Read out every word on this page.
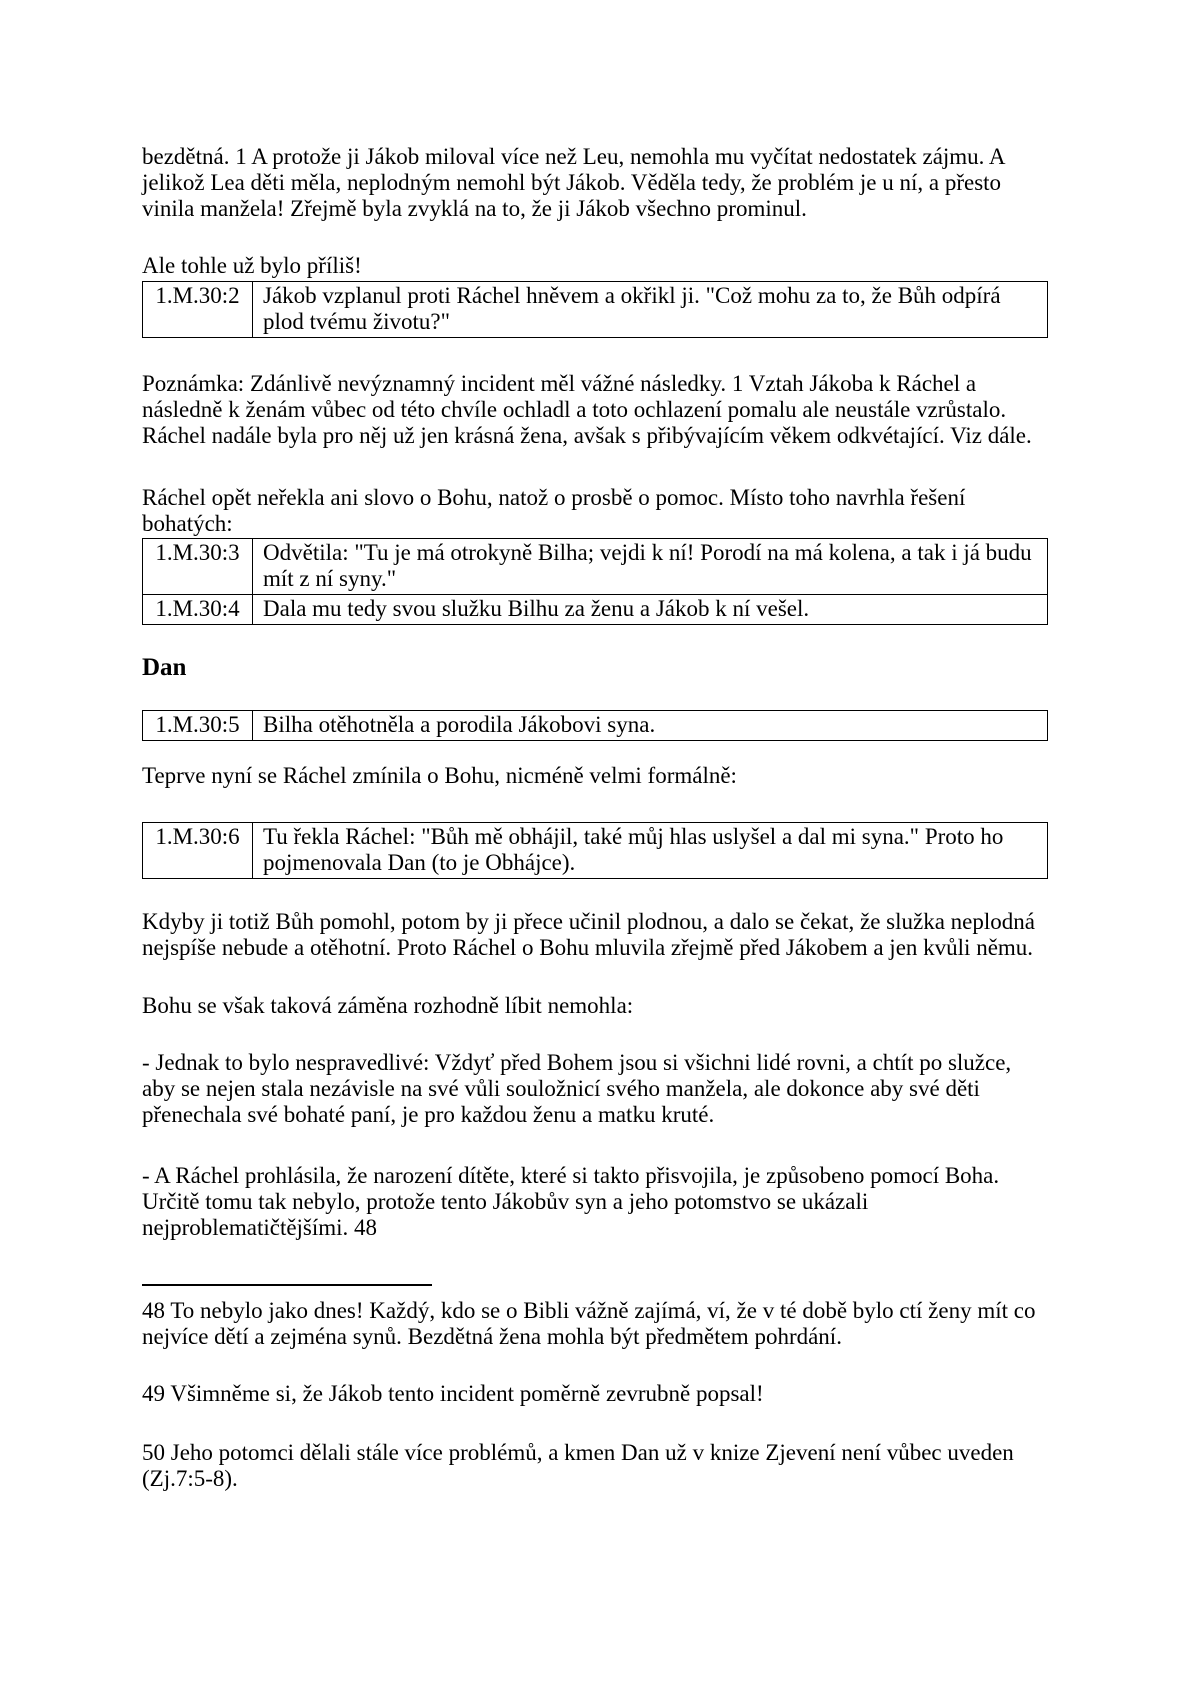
bezdětná. 1 A protože ji Jákob miloval více než Leu, nemohla mu vyčítat nedostatek zájmu. A jelikož Lea děti měla, neplodným nemohl být Jákob. Věděla tedy, že problém je u ní, a přesto vinila manžela! Zřejmě byla zvyklá na to, že ji Jákob všechno prominul.

Ale tohle už bylo příliš!

1.M.30:2	Jákob vzplanul proti Ráchel hněvem a okřikl ji. "Což mohu za to, že Bůh odpírá plod tvému životu?"

Poznámka: Zdánlivě nevýznamný incident měl vážné následky. 1 Vztah Jákoba k Ráchel a následně k ženám vůbec od této chvíle ochladl a toto ochlazení pomalu ale neustále vzrůstalo. Ráchel nadále byla pro něj už jen krásná žena, avšak s přibývajícím věkem odkvétající. Viz dále.

Ráchel opět neřekla ani slovo o Bohu, natož o prosbě o pomoc. Místo toho navrhla řešení bohatých:

1.M.30:3	Odvětila: "Tu je má otrokyně Bilha; vejdi k ní! Porodí na má kolena, a tak i já budu mít z ní syny."
1.M.30:4	Dala mu tedy svou služku Bilhu za ženu a Jákob k ní vešel.
Dan
1.M.30:5	Bilha otěhotněla a porodila Jákobovi syna.

Teprve nyní se Ráchel zmínila o Bohu, nicméně velmi formálně:

1.M.30:6	Tu řekla Ráchel: "Bůh mě obhájil, také můj hlas uslyšel a dal mi syna." Proto ho pojmenovala Dan (to je Obhájce).

Kdyby ji totiž Bůh pomohl, potom by ji přece učinil plodnou, a dalo se čekat, že služka neplodná nejspíše nebude a otěhotní. Proto Ráchel o Bohu mluvila zřejmě před Jákobem a jen kvůli němu.

Bohu se však taková záměna rozhodně líbit nemohla:

- Jednak to bylo nespravedlivé: Vždyť před Bohem jsou si všichni lidé rovni, a chtít po služce, aby se nejen stala nezávisle na své vůli souložnicí svého manžela, ale dokonce aby své děti přenechala své bohaté paní, je pro každou ženu a matku kruté.

- A Ráchel prohlásila, že narození dítěte, které si takto přisvojila, je způsobeno pomocí Boha. Určitě tomu tak nebylo, protože tento Jákobův syn a jeho potomstvo se ukázali nejproblematičtějšími. 48

48 To nebylo jako dnes! Každý, kdo se o Bibli vážně zajímá, ví, že v té době bylo ctí ženy mít co nejvíce dětí a zejména synů. Bezdětná žena mohla být předmětem pohrdání.

49 Všimněme si, že Jákob tento incident poměrně zevrubně popsal!

50 Jeho potomci dělali stále více problémů, a kmen Dan už v knize Zjevení není vůbec uveden (Zj.7:5-8).
